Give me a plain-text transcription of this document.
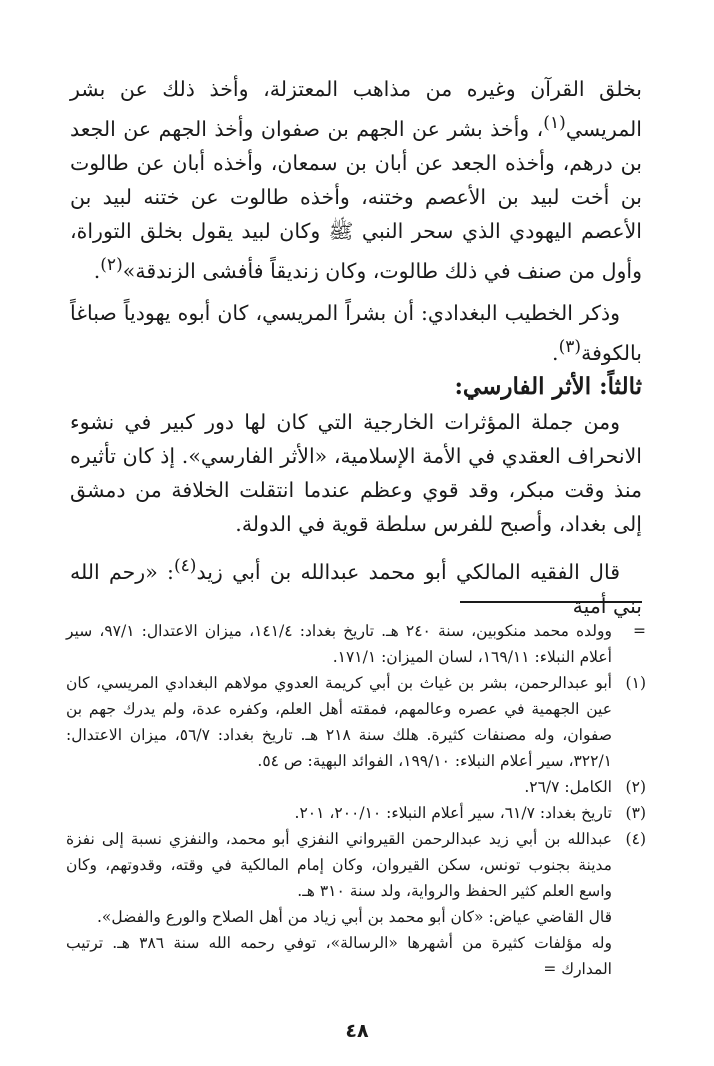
بخلق القرآن وغيره من مذاهب المعتزلة، وأخذ ذلك عن بشر المريسي$^{(١)}$، وأخذ بشر عن الجهم بن صفوان وأخذ الجهم عن الجعد بن درهم، وأخذه الجعد عن أبان بن سمعان، وأخذه أبان عن طالوت بن أخت لبيد بن الأعصم وختنه، وأخذه طالوت عن ختنه لبيد بن الأعصم اليهودي الذي سحر النبي ﷺ وكان لبيد يقول بخلق التوراة، وأول من صنف في ذلك طالوت، وكان زنديقاً فأفشى الزندقة»$^{(٢)}$.

وذكر الخطيب البغدادي: أن بشراً المريسي، كان أبوه يهودياً صباغاً بالكوفة$^{(٣)}$.

ثالثاً: الأثر الفارسي:

ومن جملة المؤثرات الخارجية التي كان لها دور كبير في نشوء الانحراف العقدي في الأمة الإسلامية، «الأثر الفارسي». إذ كان تأثيره منذ وقت مبكر، وقد قوي وعظم عندما انتقلت الخلافة من دمشق إلى بغداد، وأصبح للفرس سلطة قوية في الدولة.

قال الفقيه المالكي أبو محمد عبدالله بن أبي زيد$^{(٤)}$: «رحم الله بني أمية

=
وولده محمد منكوبين، سنة ٢٤٠ هـ. تاريخ بغداد: ١٤١/٤، ميزان الاعتدال: ٩٧/١، سير أعلام النبلاء: ١٦٩/١١، لسان الميزان: ١٧١/١.
(١)
أبو عبدالرحمن، بشر بن غياث بن أبي كريمة العدوي مولاهم البغدادي المريسي، كان عين الجهمية في عصره وعالمهم، فمقته أهل العلم، وكفره عدة، ولم يدرك جهم بن صفوان، وله مصنفات كثيرة. هلك سنة ٢١٨ هـ. تاريخ بغداد: ٥٦/٧، ميزان الاعتدال: ٣٢٢/١، سير أعلام النبلاء: ١٩٩/١٠، الفوائد البهية: ص ٥٤.
(٢)
الكامل: ٢٦/٧.
(٣)
تاريخ بغداد: ٦١/٧، سير أعلام النبلاء: ٢٠٠/١٠، ٢٠١.
(٤)
عبدالله بن أبي زيد عبدالرحمن القيرواني النفزي أبو محمد، والنفزي نسبة إلى نفزة مدينة بجنوب تونس، سكن القيروان، وكان إمام المالكية في وقته، وقدوتهم، وكان واسع العلم كثير الحفظ والرواية، ولد سنة ٣١٠ هـ.
قال القاضي عياض: «كان أبو محمد بن أبي زياد من أهل الصلاح والورع والفضل».
وله مؤلفات كثيرة من أشهرها «الرسالة»، توفي رحمه الله سنة ٣٨٦ هـ. ترتيب المدارك =
٤٨
